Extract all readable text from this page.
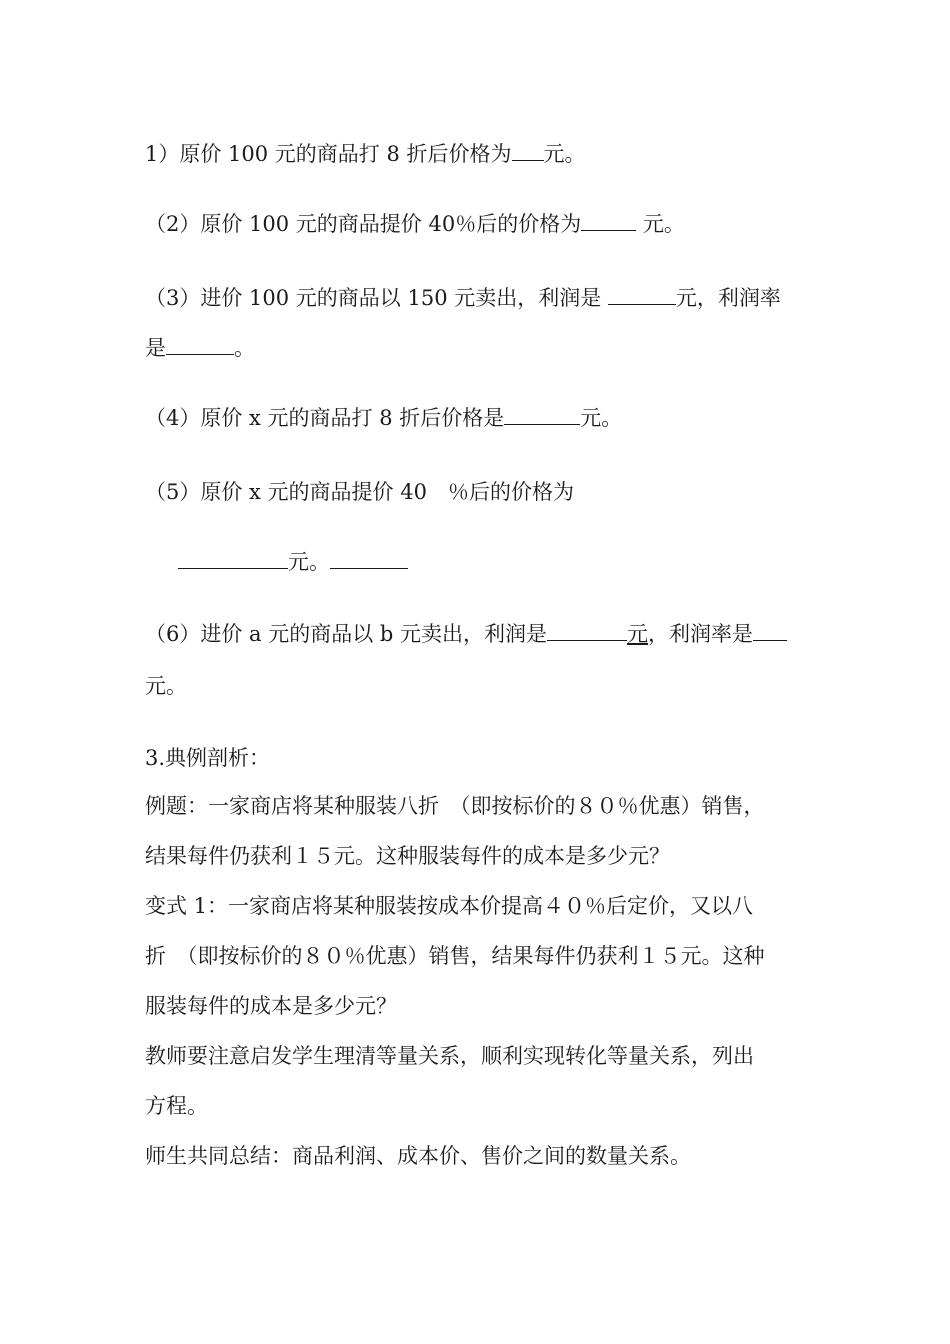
1）原价 100 元的商品打 8 折后价格为 元。
（2）原价 100 元的商品提价 40％后的价格为	元。
（3）进价 100 元的商品以 150 元卖出，利润是	元，利润率
是	。
（4）原价 x 元的商品打 8 折后价格是	元。
（5）原价 x 元的商品提价 40　％后的价格为
元。
（6）进价 a 元的商品以 b 元卖出，利润是	元，利润率是
元。
3.典例剖析：
例题：一家商店将某种服装八折　（即按标价的８０％优惠）销售，
结果每件仍获利１５元。这种服装每件的成本是多少元？
变式 1：一家商店将某种服装按成本价提高４０％后定价，又以八
折　（即按标价的８０％优惠）销售，结果每件仍获利１５元。这种
服装每件的成本是多少元？
教师要注意启发学生理清等量关系，顺利实现转化等量关系，列出
方程。
师生共同总结：商品利润、成本价、售价之间的数量关系。
